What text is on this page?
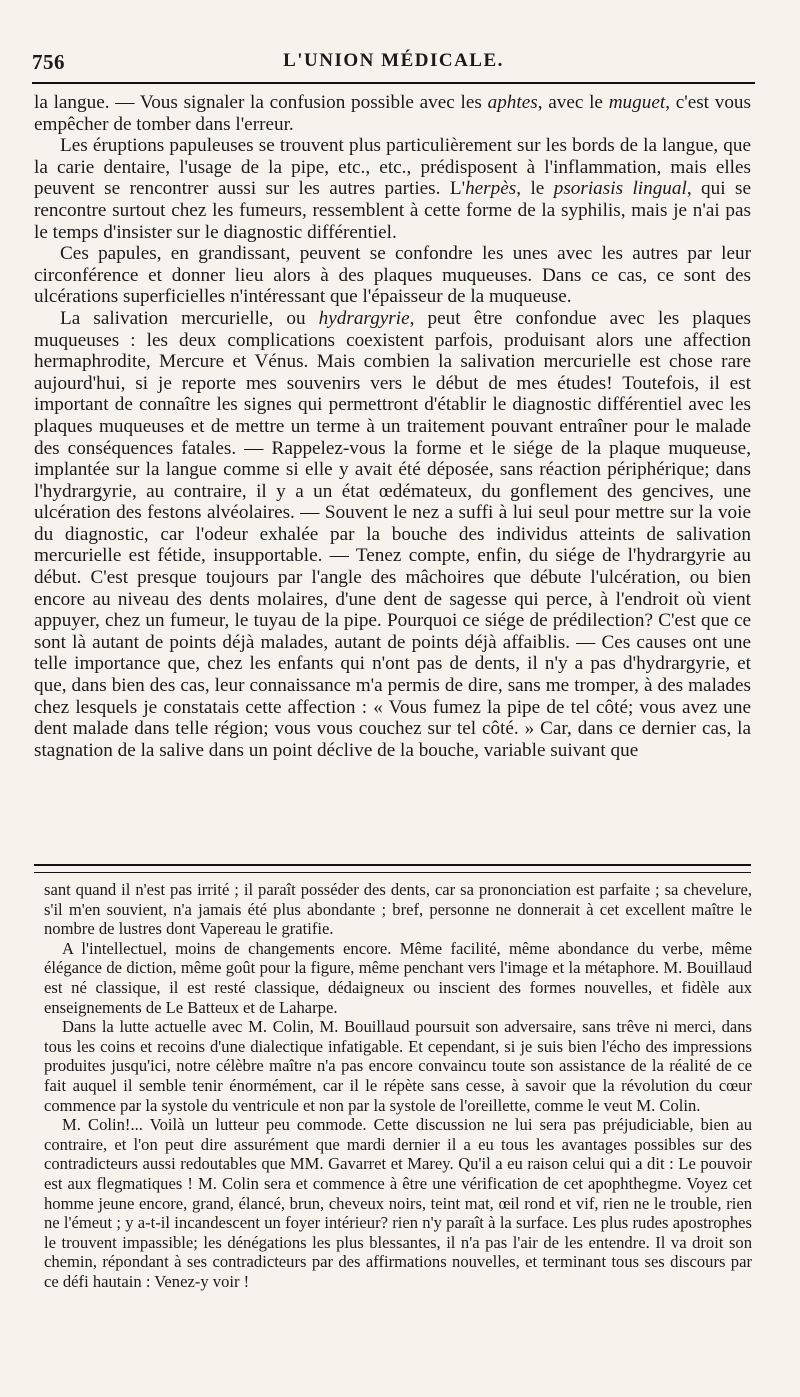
756	L'UNION MÉDICALE.

la langue. — Vous signaler la confusion possible avec les aphtes, avec le muguet, c'est vous empêcher de tomber dans l'erreur.

Les éruptions papuleuses se trouvent plus particulièrement sur les bords de la langue, que la carie dentaire, l'usage de la pipe, etc., etc., prédisposent à l'inflammation, mais elles peuvent se rencontrer aussi sur les autres parties. L'herpès, le psoriasis lingual, qui se rencontre surtout chez les fumeurs, ressemblent à cette forme de la syphilis, mais je n'ai pas le temps d'insister sur le diagnostic différentiel.

Ces papules, en grandissant, peuvent se confondre les unes avec les autres par leur circonférence et donner lieu alors à des plaques muqueuses. Dans ce cas, ce sont des ulcérations superficielles n'intéressant que l'épaisseur de la muqueuse.

La salivation mercurielle, ou hydrargyrie, peut être confondue avec les plaques muqueuses : les deux complications coexistent parfois, produisant alors une affection hermaphrodite, Mercure et Vénus. Mais combien la salivation mercurielle est chose rare aujourd'hui, si je reporte mes souvenirs vers le début de mes études! Toutefois, il est important de connaître les signes qui permettront d'établir le diagnostic différentiel avec les plaques muqueuses et de mettre un terme à un traitement pouvant entraîner pour le malade des conséquences fatales. — Rappelez-vous la forme et le siége de la plaque muqueuse, implantée sur la langue comme si elle y avait été déposée, sans réaction périphérique; dans l'hydrargyrie, au contraire, il y a un état œdémateux, du gonflement des gencives, une ulcération des festons alvéolaires. — Souvent le nez a suffi à lui seul pour mettre sur la voie du diagnostic, car l'odeur exhalée par la bouche des individus atteints de salivation mercurielle est fétide, insupportable. — Tenez compte, enfin, du siége de l'hydrargyrie au début. C'est presque toujours par l'angle des mâchoires que débute l'ulcération, ou bien encore au niveau des dents molaires, d'une dent de sagesse qui perce, à l'endroit où vient appuyer, chez un fumeur, le tuyau de la pipe. Pourquoi ce siége de prédilection? C'est que ce sont là autant de points déjà malades, autant de points déjà affaiblis. — Ces causes ont une telle importance que, chez les enfants qui n'ont pas de dents, il n'y a pas d'hydrargyrie, et que, dans bien des cas, leur connaissance m'a permis de dire, sans me tromper, à des malades chez lesquels je constatais cette affection : « Vous fumez la pipe de tel côté; vous avez une dent malade dans telle région; vous vous couchez sur tel côté. » Car, dans ce dernier cas, la stagnation de la salive dans un point déclive de la bouche, variable suivant que

sant quand il n'est pas irrité ; il paraît posséder des dents, car sa prononciation est parfaite ; sa chevelure, s'il m'en souvient, n'a jamais été plus abondante ; bref, personne ne donnerait à cet excellent maître le nombre de lustres dont Vapereau le gratifie.

A l'intellectuel, moins de changements encore. Même facilité, même abondance du verbe, même élégance de diction, même goût pour la figure, même penchant vers l'image et la métaphore. M. Bouillaud est né classique, il est resté classique, dédaigneux ou inscient des formes nouvelles, et fidèle aux enseignements de Le Batteux et de Laharpe.

Dans la lutte actuelle avec M. Colin, M. Bouillaud poursuit son adversaire, sans trêve ni merci, dans tous les coins et recoins d'une dialectique infatigable. Et cependant, si je suis bien l'écho des impressions produites jusqu'ici, notre célèbre maître n'a pas encore convaincu toute son assistance de la réalité de ce fait auquel il semble tenir énormément, car il le répète sans cesse, à savoir que la révolution du cœur commence par la systole du ventricule et non par la systole de l'oreillette, comme le veut M. Colin.

M. Colin!... Voilà un lutteur peu commode. Cette discussion ne lui sera pas préjudiciable, bien au contraire, et l'on peut dire assurément que mardi dernier il a eu tous les avantages possibles sur des contradicteurs aussi redoutables que MM. Gavarret et Marey. Qu'il a eu raison celui qui a dit : Le pouvoir est aux flegmatiques ! M. Colin sera et commence à être une vérification de cet apophthegme. Voyez cet homme jeune encore, grand, élancé, brun, cheveux noirs, teint mat, œil rond et vif, rien ne le trouble, rien ne l'émeut ; y a-t-il incandescent un foyer intérieur? rien n'y paraît à la surface. Les plus rudes apostrophes le trouvent impassible; les dénégations les plus blessantes, il n'a pas l'air de les entendre. Il va droit son chemin, répondant à ses contradicteurs par des affirmations nouvelles, et terminant tous ses discours par ce défi hautain : Venez-y voir !
